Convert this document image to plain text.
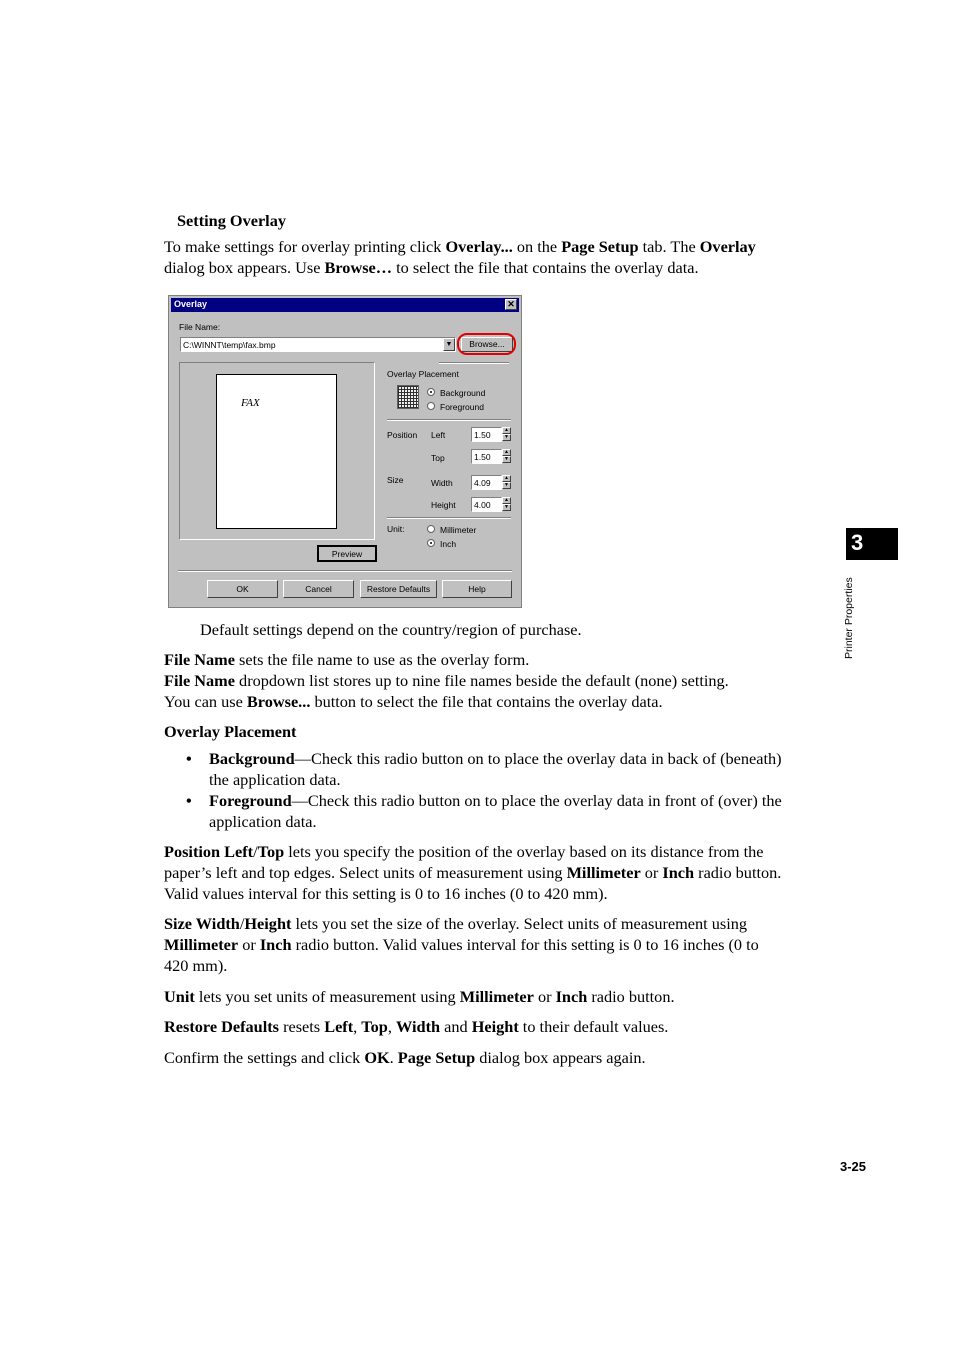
Setting Overlay

To make settings for overlay printing click Overlay... on the Page Setup tab. The Overlay

dialog box appears. Use Browse… to select the file that contains the overlay data.

Overlay	✕
File Name:
C:\WINNT\temp\fax.bmp	▼	Browse...
FAX
Preview
Overlay Placement
Background
Foreground
Position Left	1.50	▲
▼
Top	1.50	▲
▼
Size	Width	4.09	▲
▼
Height 4.00	▲
▼
Unit:	Millimeter
Inch
OK	Cancel	Restore Defaults	Help

Default settings depend on the country/region of purchase.

File Name sets the file name to use as the overlay form.

File Name dropdown list stores up to nine file names beside the default (none) setting.

You can use Browse... button to select the file that contains the overlay data.

Overlay Placement

• Background—Check this radio button on to place the overlay data in back of (beneath)

the application data.

• Foreground—Check this radio button on to place the overlay data in front of (over) the

application data.

Position Left/Top lets you specify the position of the overlay based on its distance from the

paper’s left and top edges. Select units of measurement using Millimeter or Inch radio button.

Valid values interval for this setting is 0 to 16 inches (0 to 420 mm).

Size Width/Height lets you set the size of the overlay. Select units of measurement using

Millimeter or Inch radio button. Valid values interval for this setting is 0 to 16 inches (0 to

420 mm).

Unit lets you set units of measurement using Millimeter or Inch radio button.

Restore Defaults resets Left, Top, Width and Height to their default values.

Confirm the settings and click OK. Page Setup dialog box appears again.

3
Printer Properties
3-25
